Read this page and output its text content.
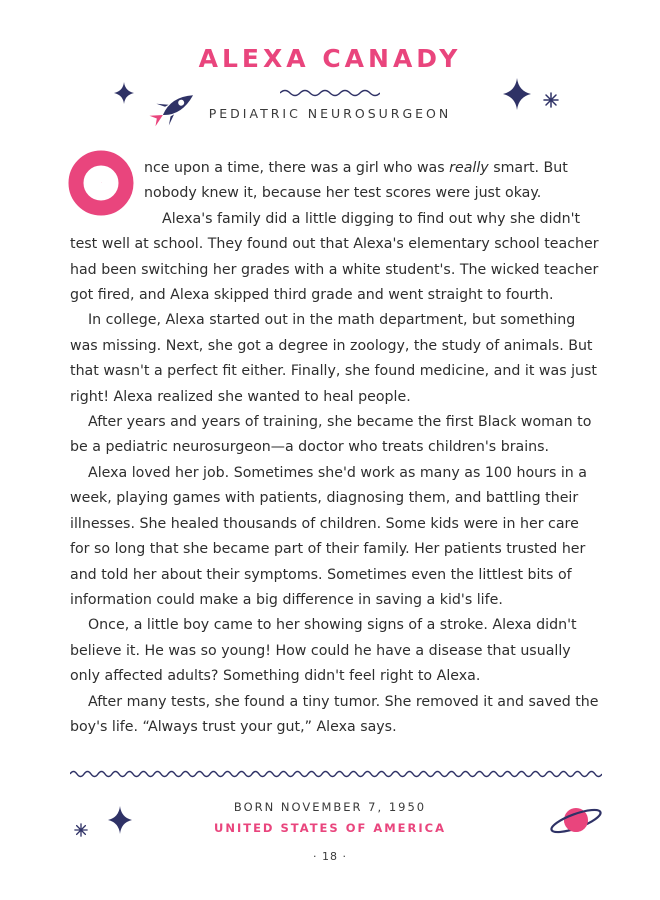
ALEXA CANADY
PEDIATRIC NEUROSURGEON

O
nce upon a time, there was a girl who was really smart. But nobody knew it, because her test scores were just okay.

Alexa's family did a little digging to find out why she didn't test well at school. They found out that Alexa's elementary school teacher had been switching her grades with a white student's. The wicked teacher got fired, and Alexa skipped third grade and went straight to fourth.

In college, Alexa started out in the math department, but something was missing. Next, she got a degree in zoology, the study of animals. But that wasn't a perfect fit either. Finally, she found medicine, and it was just right! Alexa realized she wanted to heal people.

After years and years of training, she became the first Black woman to be a pediatric neurosurgeon—a doctor who treats children's brains.

Alexa loved her job. Sometimes she'd work as many as 100 hours in a week, playing games with patients, diagnosing them, and battling their illnesses. She healed thousands of children. Some kids were in her care for so long that she became part of their family. Her patients trusted her and told her about their symptoms. Sometimes even the littlest bits of information could make a big difference in saving a kid's life.

Once, a little boy came to her showing signs of a stroke. Alexa didn't believe it. He was so young! How could he have a disease that usually only affected adults? Something didn't feel right to Alexa.

After many tests, she found a tiny tumor. She removed it and saved the boy's life. “Always trust your gut,” Alexa says.

BORN NOVEMBER 7, 1950
UNITED STATES OF AMERICA
· 18 ·
